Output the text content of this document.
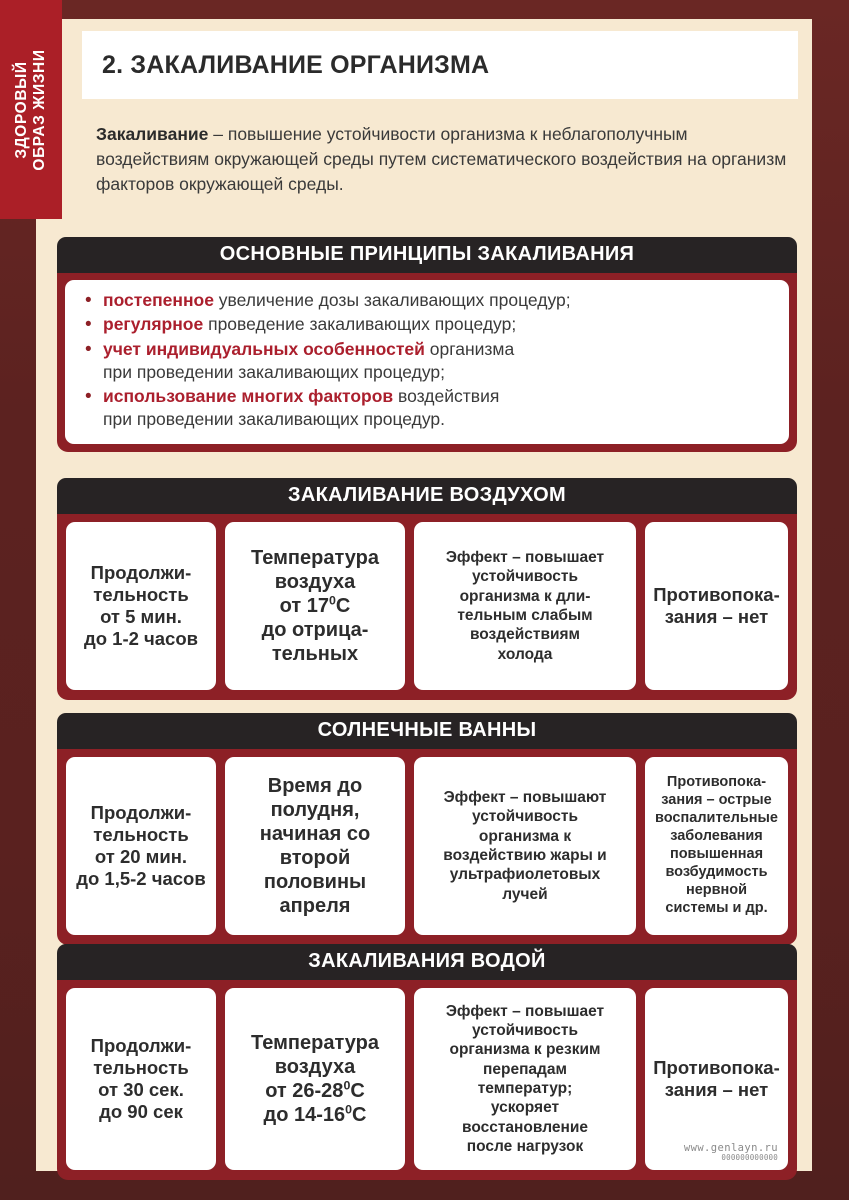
2. ЗАКАЛИВАНИЕ ОРГАНИЗМА
Закаливание – повышение устойчивости организма к неблагополучным воздействиям окружающей среды путем систематического воздействия на организм факторов окружающей среды.
ОСНОВНЫЕ ПРИНЦИПЫ ЗАКАЛИВАНИЯ
• постепенное увеличение дозы закаливающих процедур;
• регулярное проведение закаливающих процедур;
• учет индивидуальных особенностей организма
при проведении закаливающих процедур;
• использование многих факторов воздействия
при проведении закаливающих процедур.
ЗАКАЛИВАНИЕ ВОЗДУХОМ
Продолжи-
тельность
от 5 мин.
до 1-2 часов
Температура
воздуха
от $17^0С$
до отрица-
тельных
Эффект – повышает
устойчивость
организма к дли-
тельным слабым
воздействиям
холода
Противопока-
зания – нет
СОЛНЕЧНЫЕ ВАННЫ
Продолжи-
тельность
от 20 мин.
до 1,5-2 часов
Время до
полудня,
начиная со
второй
половины
апреля
Эффект – повышают
устойчивость
организма к
воздействию жары и
ультрафиолетовых
лучей
Противопока-
зания – острые
воспалительные
заболевания
повышенная
возбудимость
нервной
системы и др.
ЗАКАЛИВАНИЯ ВОДОЙ
Продолжи-
тельность
от 30 сек.
до 90 сек
Температура
воздуха
от $26-28^0С$
до $14-16^0С$
Эффект – повышает
устойчивость
организма к резким
перепадам
температур;
ускоряет
восстановление
после нагрузок
Противопока-
зания – нет
www.genlayn.ru
000000000000
ЗДОРОВЫЙ ОБРАЗ ЖИЗНИ
